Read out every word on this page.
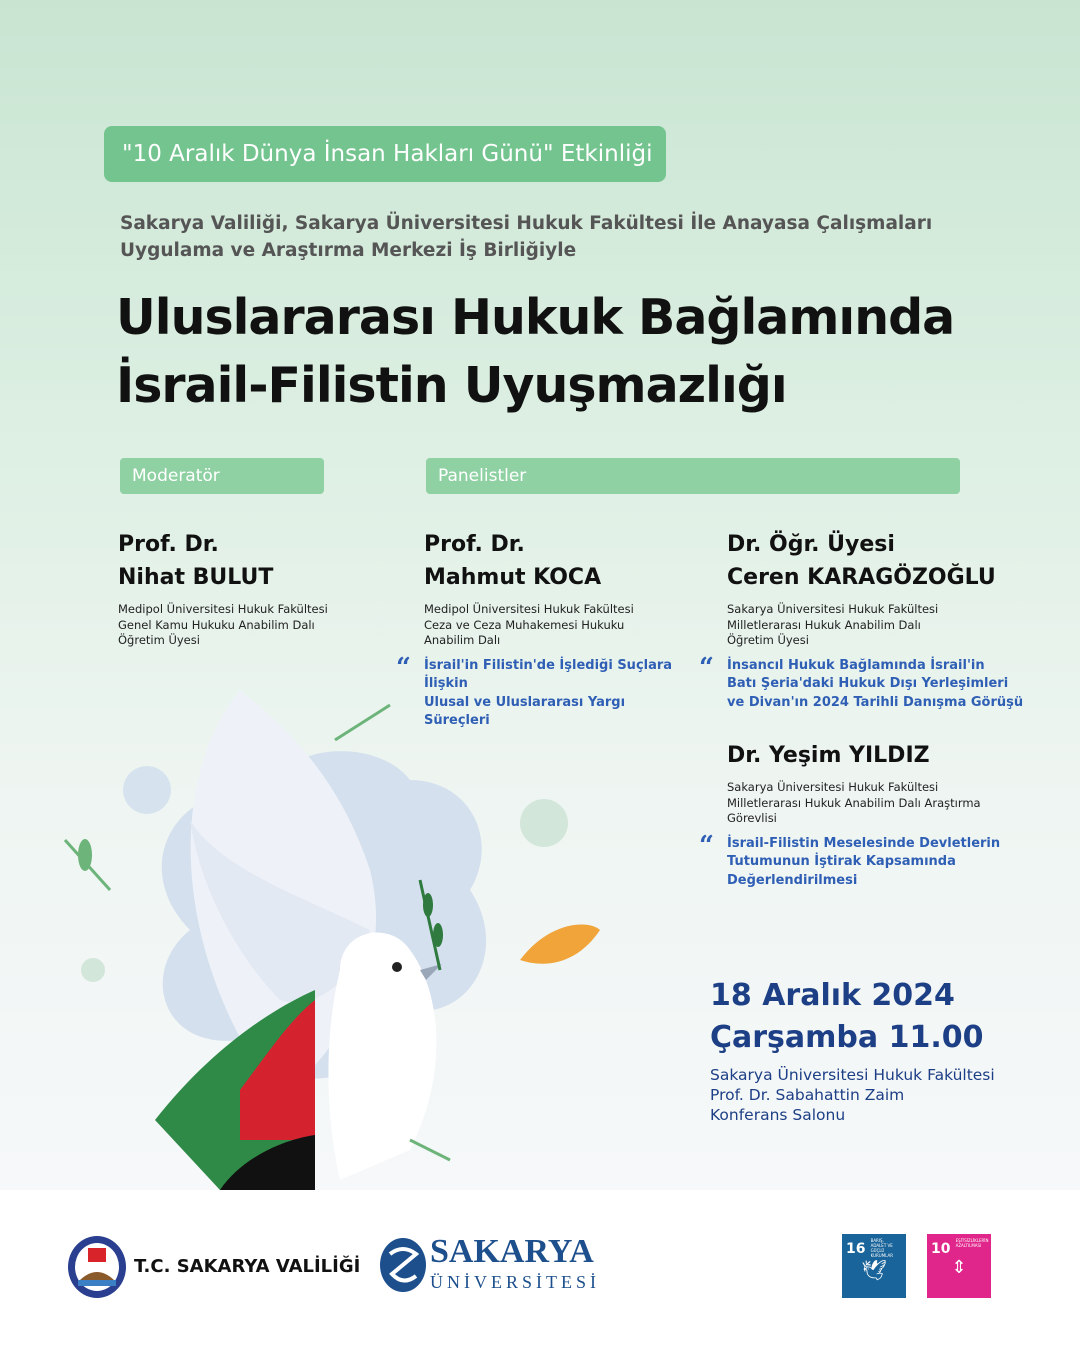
"10 Aralık Dünya İnsan Hakları Günü" Etkinliği
Sakarya Valiliği, Sakarya Üniversitesi Hukuk Fakültesi İle Anayasa Çalışmaları Uygulama ve Araştırma Merkezi İş Birliğiyle
Uluslararası Hukuk Bağlamında
İsrail-Filistin Uyuşmazlığı
Moderatör	Panelistler
Prof. Dr.
Nihat BULUT
Medipol Üniversitesi Hukuk Fakültesi
Genel Kamu Hukuku Anabilim Dalı
Öğretim Üyesi
Prof. Dr.
Mahmut KOCA
Medipol Üniversitesi Hukuk Fakültesi
Ceza ve Ceza Muhakemesi Hukuku
Anabilim Dalı
“ İsrail'in Filistin'de İşlediği Suçlara İlişkin
Ulusal ve Uluslararası Yargı Süreçleri
Dr. Öğr. Üyesi
Ceren KARAGÖZOĞLU
Sakarya Üniversitesi Hukuk Fakültesi
Milletlerarası Hukuk Anabilim Dalı
Öğretim Üyesi
“ İnsancıl Hukuk Bağlamında İsrail'in
Batı Şeria'daki Hukuk Dışı Yerleşimleri
ve Divan'ın 2024 Tarihli Danışma Görüşü
Dr. Yeşim YILDIZ
Sakarya Üniversitesi Hukuk Fakültesi
Milletlerarası Hukuk Anabilim Dalı Araştırma
Görevlisi
“ İsrail-Filistin Meselesinde Devletlerin
Tutumunun İştirak Kapsamında
Değerlendirilmesi
18 Aralık 2024
Çarşamba 11.00
Sakarya Üniversitesi Hukuk Fakültesi
Prof. Dr. Sabahattin Zaim
Konferans Salonu
T.C. SAKARYA VALİLİĞİ SAKARYA
ÜNİVERSİTESİ
16 BARIŞ, ADALET VE GÜÇLÜ KURUMLAR
🕊
10 EŞİTSİZLİKLERİN AZALTILMASI
⇕
